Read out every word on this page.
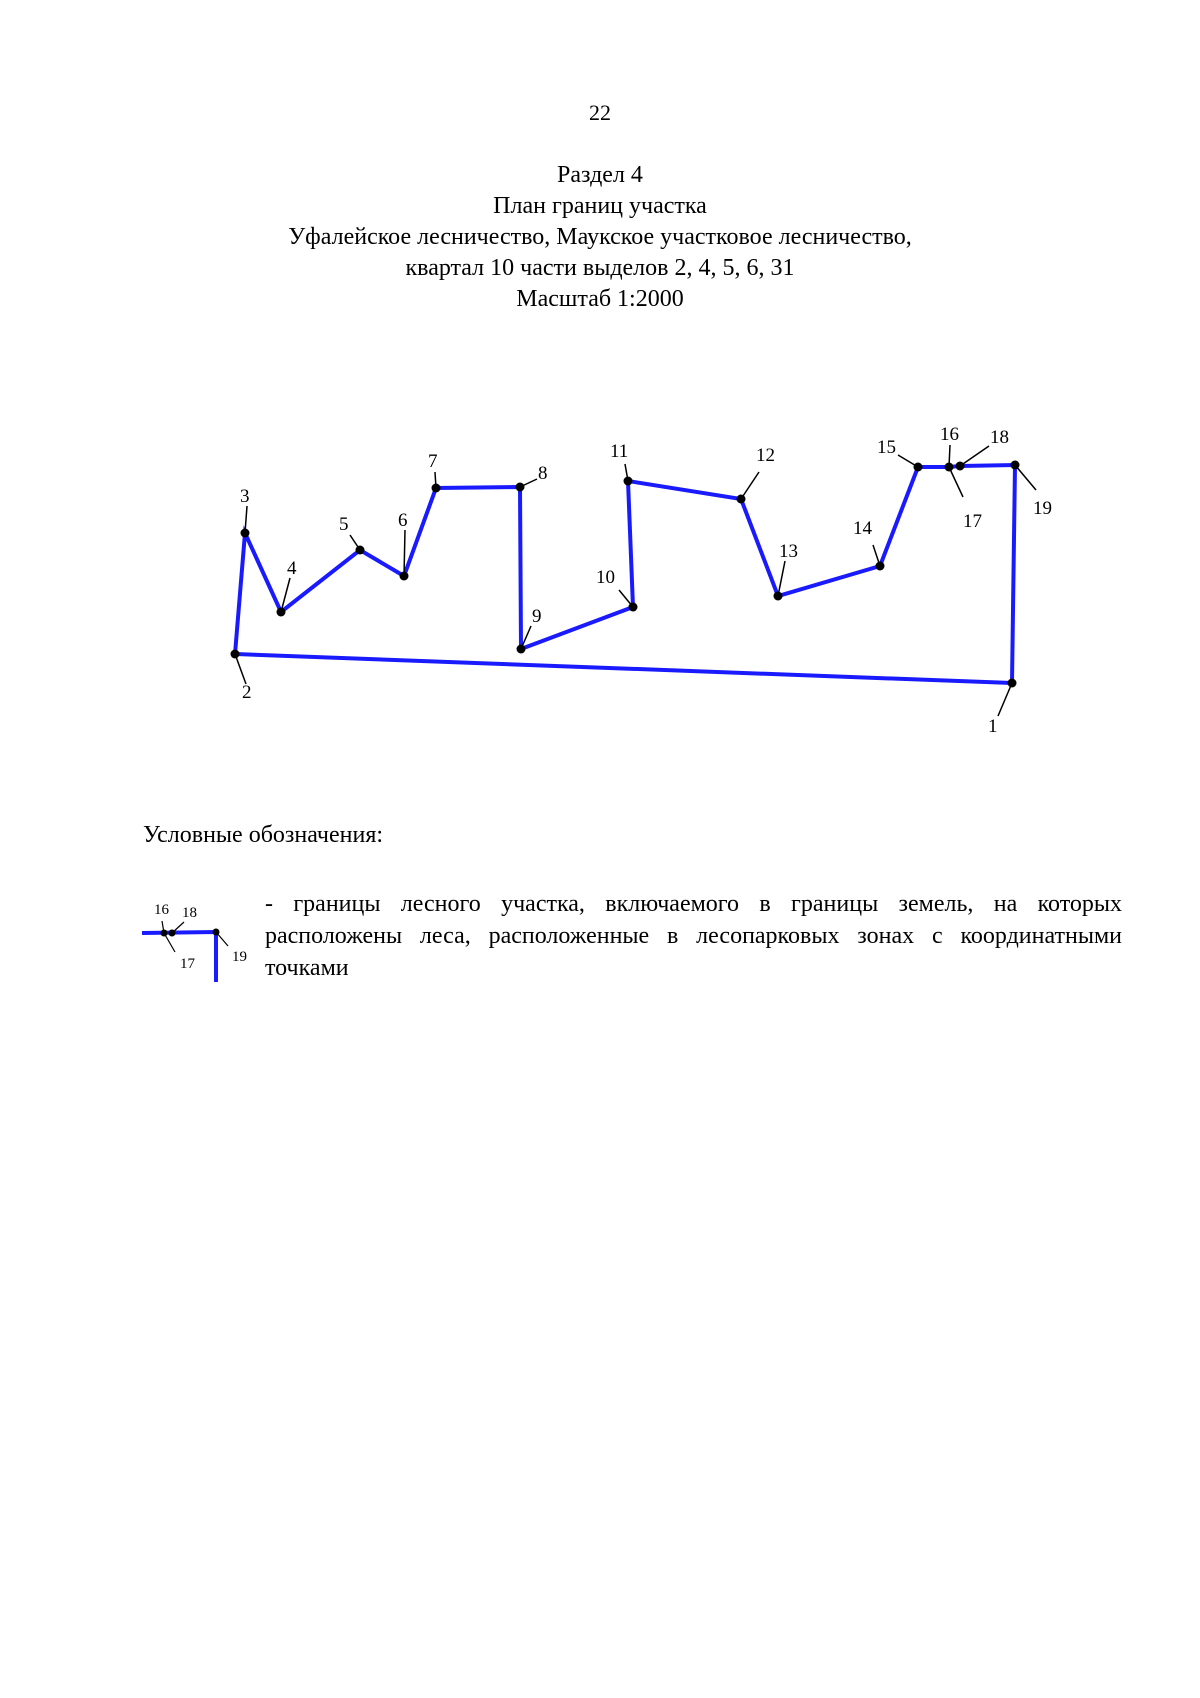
22
Раздел 4
План границ участка
Уфалейское лесничество, Маукское участковое лесничество,
квартал 10 части выделов 2, 4, 5, 6, 31
Масштаб 1:2000
1
2
3
4
5	6
7
8
9
10
11	12
13
14
15
16
17
18
19
Условные обозначения:
16 18
17 19
- границы лесного участка, включаемого в границы земель, на которых расположены леса, расположенные в лесопарковых зонах с координатными точками
